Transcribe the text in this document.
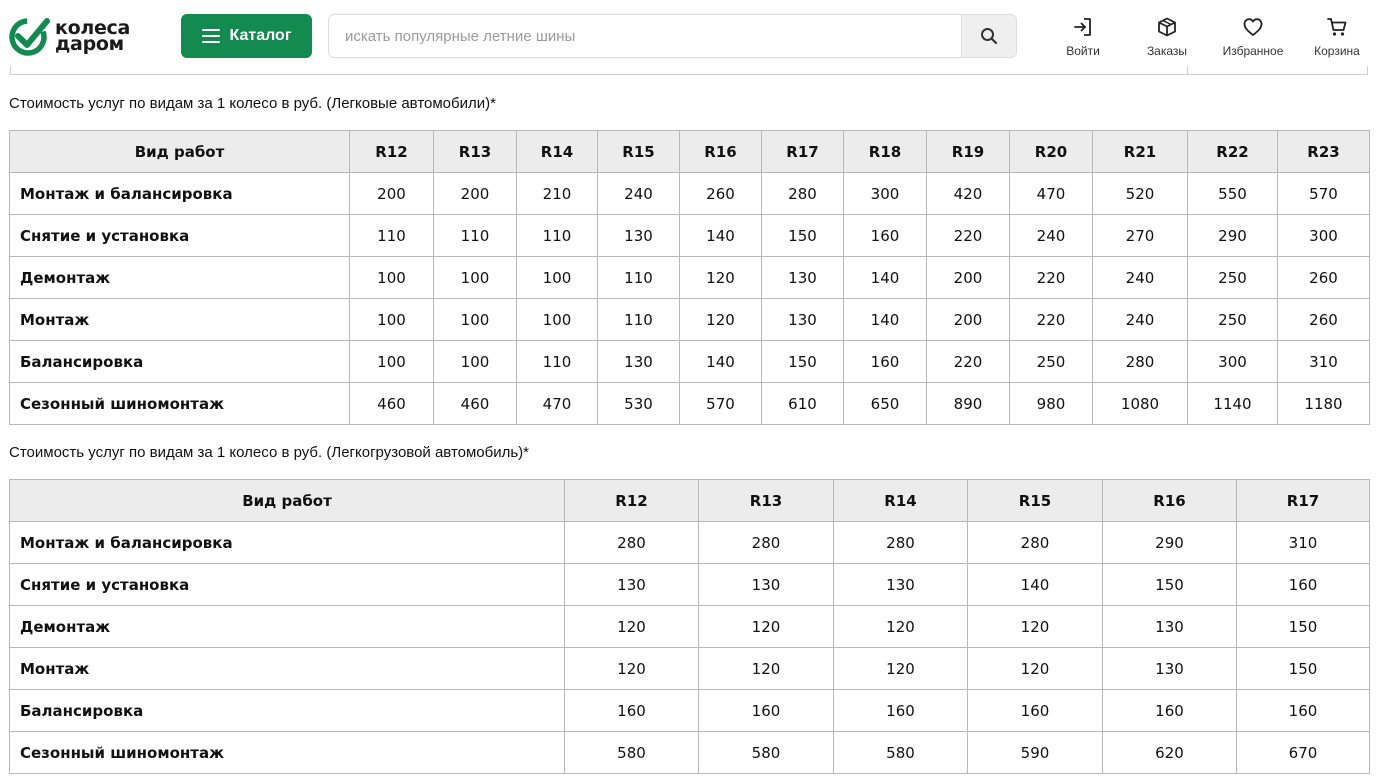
колеса
даром	Каталог
искать популярные летние шины
Войти	Заказы	Избранное	Корзина
Стоимость услуг по видам за 1 колесо в руб. (Легковые автомобили)*
Вид работ	R12	R13	R14	R15	R16	R17	R18	R19	R20	R21	R22	R23
Монтаж и балансировка	200	200	210	240	260	280	300	420	470	520	550	570
Снятие и установка	110	110	110	130	140	150	160	220	240	270	290	300
Демонтаж	100	100	100	110	120	130	140	200	220	240	250	260
Монтаж	100	100	100	110	120	130	140	200	220	240	250	260
Балансировка	100	100	110	130	140	150	160	220	250	280	300	310
Сезонный шиномонтаж	460	460	470	530	570	610	650	890	980	1080	1140	1180
Стоимость услуг по видам за 1 колесо в руб. (Легкогрузовой автомобиль)*
Вид работ	R12	R13	R14	R15	R16	R17
Монтаж и балансировка	280	280	280	280	290	310
Снятие и установка	130	130	130	140	150	160
Демонтаж	120	120	120	120	130	150
Монтаж	120	120	120	120	130	150
Балансировка	160	160	160	160	160	160
Сезонный шиномонтаж	580	580	580	590	620	670
